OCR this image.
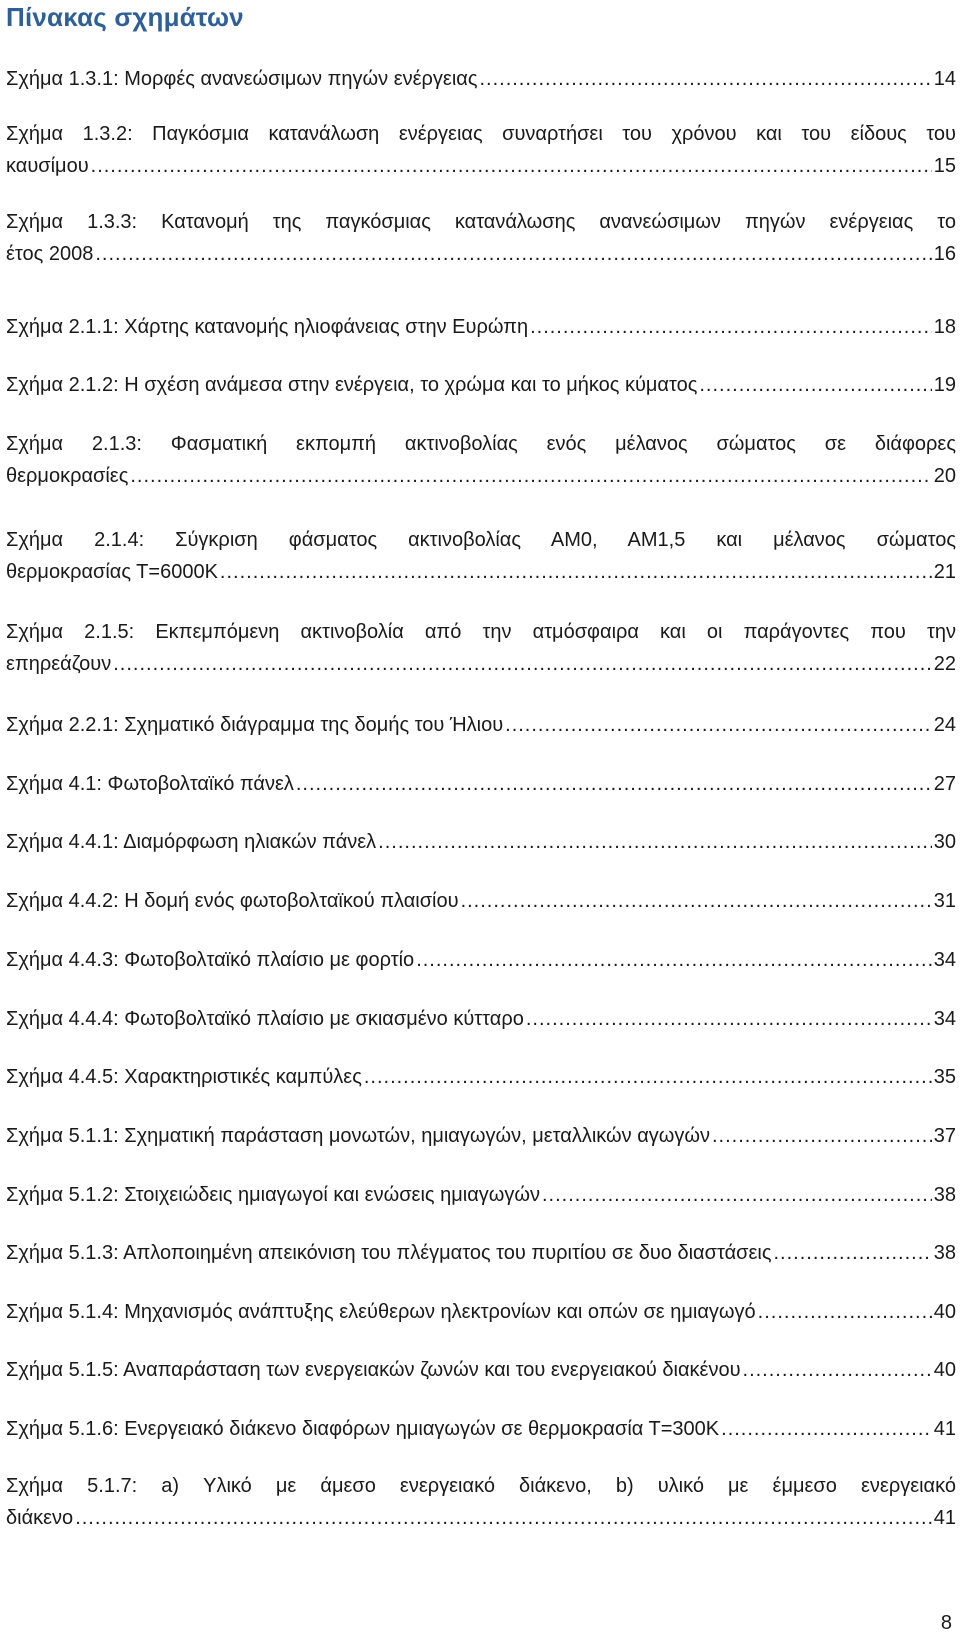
Πίνακας σχημάτων
Σχήμα 1.3.1: Μορφές ανανεώσιμων πηγών ενέργειας .....	14
Σχήμα 1.3.2: Παγκόσμια κατανάλωση ενέργειας συναρτήσει του χρόνου και του είδους του
καυσίμου .....	15
Σχήμα 1.3.3: Κατανομή της παγκόσμιας κατανάλωσης ανανεώσιμων πηγών ενέργειας το
έτος 2008 .....	16
Σχήμα 2.1.1: Χάρτης κατανομής ηλιοφάνειας στην Ευρώπη .....	18
Σχήμα 2.1.2: Η σχέση ανάμεσα στην ενέργεια, το χρώμα και το μήκος κύματος .....	19
Σχήμα 2.1.3: Φασματική εκπομπή ακτινοβολίας ενός μέλανος σώματος σε διάφορες
θερμοκρασίες .....	20
Σχήμα 2.1.4: Σύγκριση φάσματος ακτινοβολίας ΑΜ0, ΑΜ1,5 και μέλανος σώματος
θερμοκρασίας Τ=6000Κ .....	21
Σχήμα 2.1.5: Εκπεμπόμενη ακτινοβολία από την ατμόσφαιρα και οι παράγοντες που την
επηρεάζουν .....	22
Σχήμα 2.2.1: Σχηματικό διάγραμμα της δομής του Ήλιου .....	24
Σχήμα 4.1: Φωτοβολταϊκό πάνελ .....	27
Σχήμα 4.4.1: Διαμόρφωση ηλιακών πάνελ .....	30
Σχήμα 4.4.2: Η δομή ενός φωτοβολταϊκού πλαισίου .....	31
Σχήμα 4.4.3: Φωτοβολταϊκό πλαίσιο με φορτίο .....	34
Σχήμα 4.4.4: Φωτοβολταϊκό πλαίσιο με σκιασμένο κύτταρο .....	34
Σχήμα 4.4.5: Χαρακτηριστικές καμπύλες .....	35
Σχήμα 5.1.1: Σχηματική παράσταση μονωτών, ημιαγωγών, μεταλλικών αγωγών .....	37
Σχήμα 5.1.2: Στοιχειώδεις ημιαγωγοί και ενώσεις ημιαγωγών .....	38
Σχήμα 5.1.3: Απλοποιημένη απεικόνιση του πλέγματος του πυριτίου σε δυο διαστάσεις .....	38
Σχήμα 5.1.4: Μηχανισμός ανάπτυξης ελεύθερων ηλεκτρονίων και οπών σε ημιαγωγό .....	40
Σχήμα 5.1.5: Αναπαράσταση των ενεργειακών ζωνών και του ενεργειακού διακένου .....	40
Σχήμα 5.1.6: Ενεργειακό διάκενο διαφόρων ημιαγωγών σε θερμοκρασία Τ=300Κ .....	41
Σχήμα 5.1.7: a) Υλικό με άμεσο ενεργειακό διάκενο, b) υλικό με έμμεσο ενεργειακό
διάκενο .....	41
8
